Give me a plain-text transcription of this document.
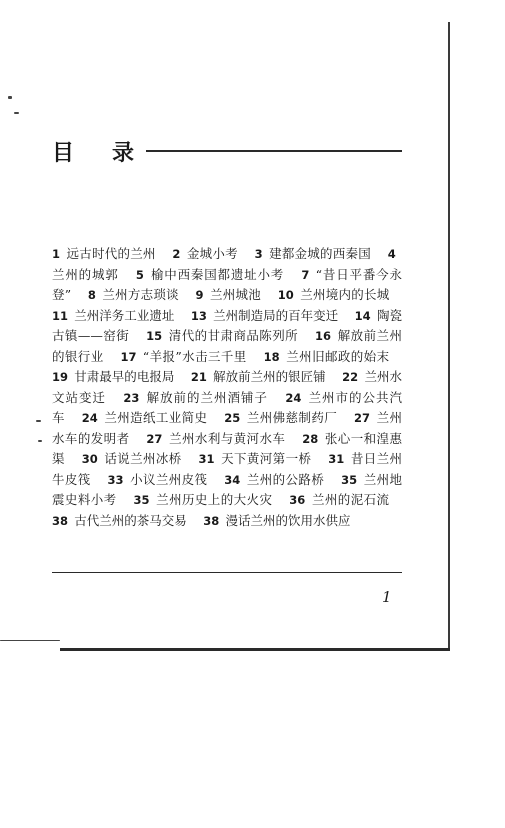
目 录
1  远古时代的兰州  2  金城小考  3  建都金城的西秦国  4 兰州的城郭  5  榆中西秦国都遗址小考  7  “昔日平番今永登”  8  兰州方志琐谈  9  兰州城池  10  兰州境内的长城  11  兰州洋务工业遗址  13  兰州制造局的百年变迁  14  陶瓷古镇——窑街  15  清代的甘肃商品陈列所  16  解放前兰州的银行业  17  “羊报”水击三千里  18  兰州旧邮政的始末  19  甘肃最早的电报局  21  解放前兰州的银匠铺  22  兰州水文站变迁  23  解放前的兰州酒铺子  24  兰州市的公共汽车  24  兰州造纸工业简史  25  兰州佛慈制药厂  27  兰州水车的发明者  27  兰州水利与黄河水车  28  张心一和湟惠渠  30  话说兰州冰桥  31  天下黄河第一桥  31  昔日兰州牛皮筏  33  小议兰州皮筏  34  兰州的公路桥  35  兰州地震史料小考  35  兰州历史上的大火灾  36  兰州的泥石流  38  古代兰州的茶马交易  38  漫话兰州的饮用水供应 
1
